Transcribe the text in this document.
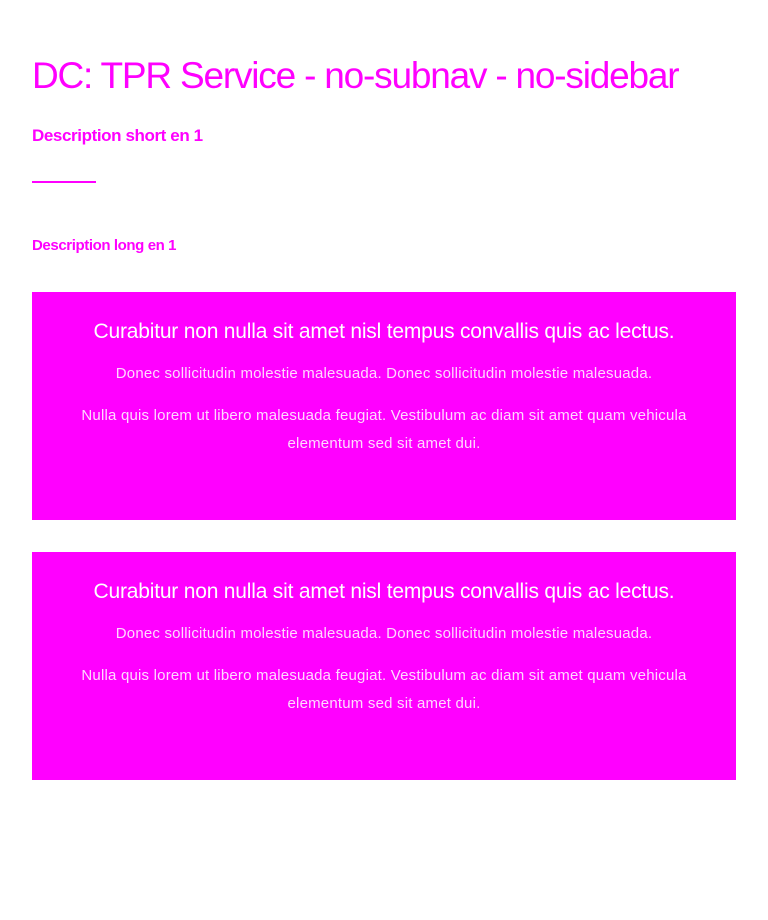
DC: TPR Service - no-subnav - no-sidebar
Description short en 1
Description long en 1
Curabitur non nulla sit amet nisl tempus convallis quis ac lectus.

Donec sollicitudin molestie malesuada. Donec sollicitudin molestie malesuada.

Nulla quis lorem ut libero malesuada feugiat. Vestibulum ac diam sit amet quam vehicula elementum sed sit amet dui.

Curabitur non nulla sit amet nisl tempus convallis quis ac lectus.

Donec sollicitudin molestie malesuada. Donec sollicitudin molestie malesuada.

Nulla quis lorem ut libero malesuada feugiat. Vestibulum ac diam sit amet quam vehicula elementum sed sit amet dui.
